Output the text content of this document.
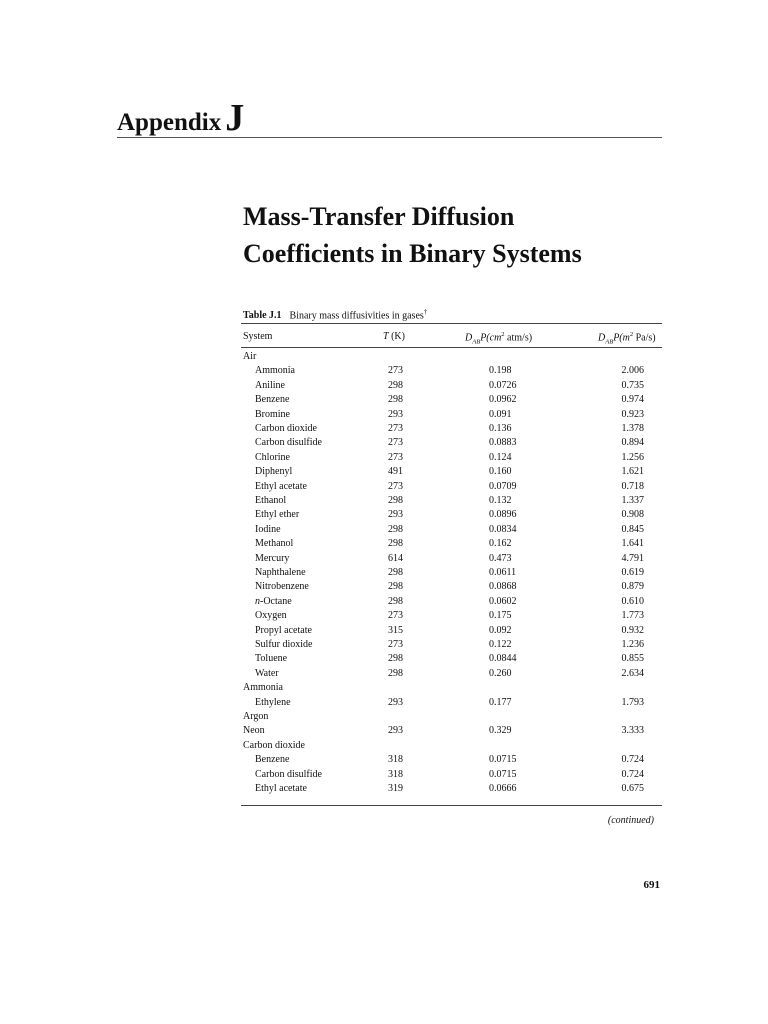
Appendix J
Mass-Transfer Diffusion
Coefficients in Binary Systems
Table J.1 Binary mass diffusivities in gases†
System	T (K)	$D_{AB}P(cm^2$ atm/s)	$D_{AB}P(m^2$ Pa/s)
Air
Ammonia	273	0.198	2.006
Aniline	298	0.0726	0.735
Benzene	298	0.0962	0.974
Bromine	293	0.091	0.923
Carbon dioxide	273	0.136	1.378
Carbon disulfide	273	0.0883	0.894
Chlorine	273	0.124	1.256
Diphenyl	491	0.160	1.621
Ethyl acetate	273	0.0709	0.718
Ethanol	298	0.132	1.337
Ethyl ether	293	0.0896	0.908
Iodine	298	0.0834	0.845
Methanol	298	0.162	1.641
Mercury	614	0.473	4.791
Naphthalene	298	0.0611	0.619
Nitrobenzene	298	0.0868	0.879
n-Octane	298	0.0602	0.610
Oxygen	273	0.175	1.773
Propyl acetate	315	0.092	0.932
Sulfur dioxide	273	0.122	1.236
Toluene	298	0.0844	0.855
Water	298	0.260	2.634
Ammonia
Ethylene	293	0.177	1.793
Argon
Neon	293	0.329	3.333
Carbon dioxide
Benzene	318	0.0715	0.724
Carbon disulfide	318	0.0715	0.724
Ethyl acetate	319	0.0666	0.675
(continued)
691
